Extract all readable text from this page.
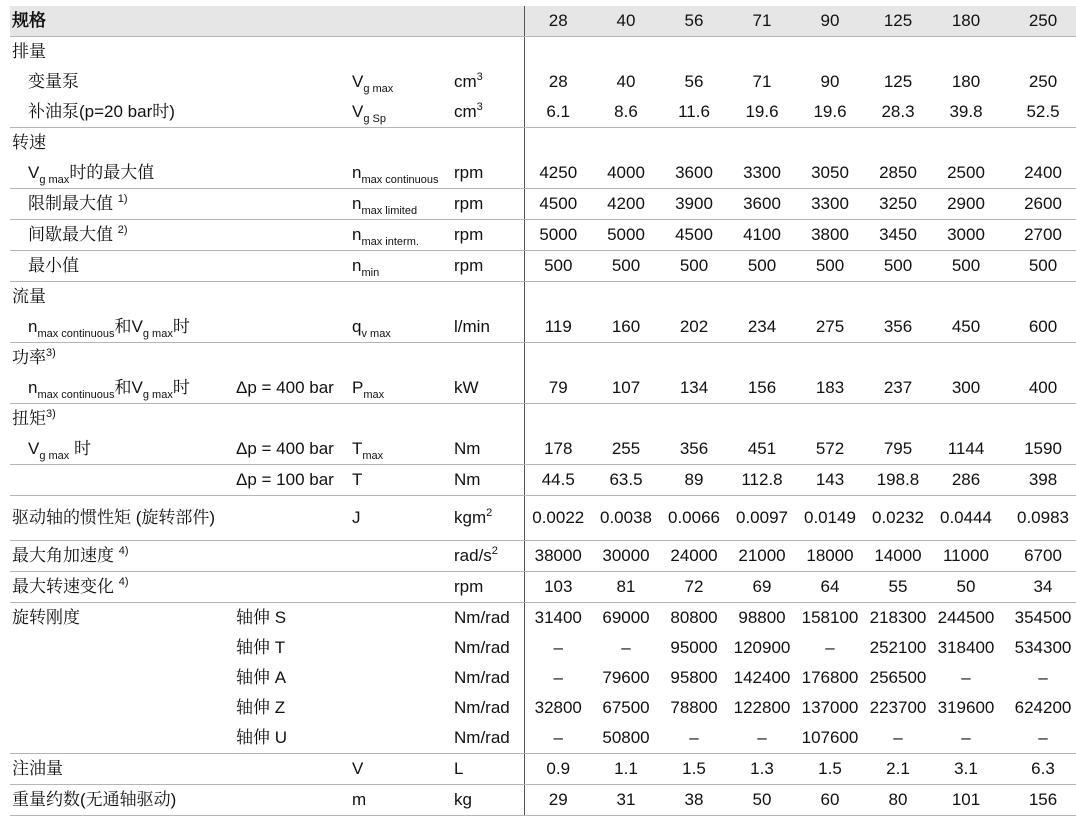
规格				28	40	56	71	90	125	180	250
排量											
变量泵		$V_{g max}$	$cm^3$	28	40	56	71	90	125	180	250
补油泵(p=20 bar时)		$V_{g Sp}$	$cm^3$	6.1	8.6	11.6	19.6	19.6	28.3	39.8	52.5
转速											
$V_{g max}$时的最大值		$n_{max continuous}$	rpm	4250	4000	3600	3300	3050	2850	2500	2400
限制最大值 $^{1)}$		$n_{max limited}$	rpm	4500	4200	3900	3600	3300	3250	2900	2600
间歇最大值 $^{2)}$		$n_{max interm.}$	rpm	5000	5000	4500	4100	3800	3450	3000	2700
最小值		$n_{min}$	rpm	500	500	500	500	500	500	500	500
流量											
$n_{max continuous}$和$V_{g max}$时		$q_{v max}$	l/min	119	160	202	234	275	356	450	600
功率$^{3)}$											
$n_{max continuous}$和$V_{g max}$时	Δp = 400 bar	$P_{max}$	kW	79	107	134	156	183	237	300	400
扭矩$^{3)}$											
$V_{g max}$ 时	Δp = 400 bar	$T_{max}$	Nm	178	255	356	451	572	795	1144	1590
	Δp = 100 bar	T	Nm	44.5	63.5	89	112.8	143	198.8	286	398
驱动轴的惯性矩 (旋转部件)		J	kgm$^2$	0.0022	0.0038	0.0066	0.0097	0.0149	0.0232	0.0444	0.0983
最大角加速度 $^{4)}$			rad/$s^2$	38000	30000	24000	21000	18000	14000	11000	6700
最大转速变化 $^{4)}$			rpm	103	81	72	69	64	55	50	34
旋转刚度	轴伸 S		Nm/rad	31400	69000	80800	98800	158100	218300	244500	354500
	轴伸 T		Nm/rad	–	–	95000	120900	–	252100	318400	534300
	轴伸 A		Nm/rad	–	79600	95800	142400	176800	256500	–	–
	轴伸 Z		Nm/rad	32800	67500	78800	122800	137000	223700	319600	624200
	轴伸 U		Nm/rad	–	50800	–	–	107600	–	–	–
注油量		V	L	0.9	1.1	1.5	1.3	1.5	2.1	3.1	6.3
重量约数(无通轴驱动)		m	kg	29	31	38	50	60	80	101	156
